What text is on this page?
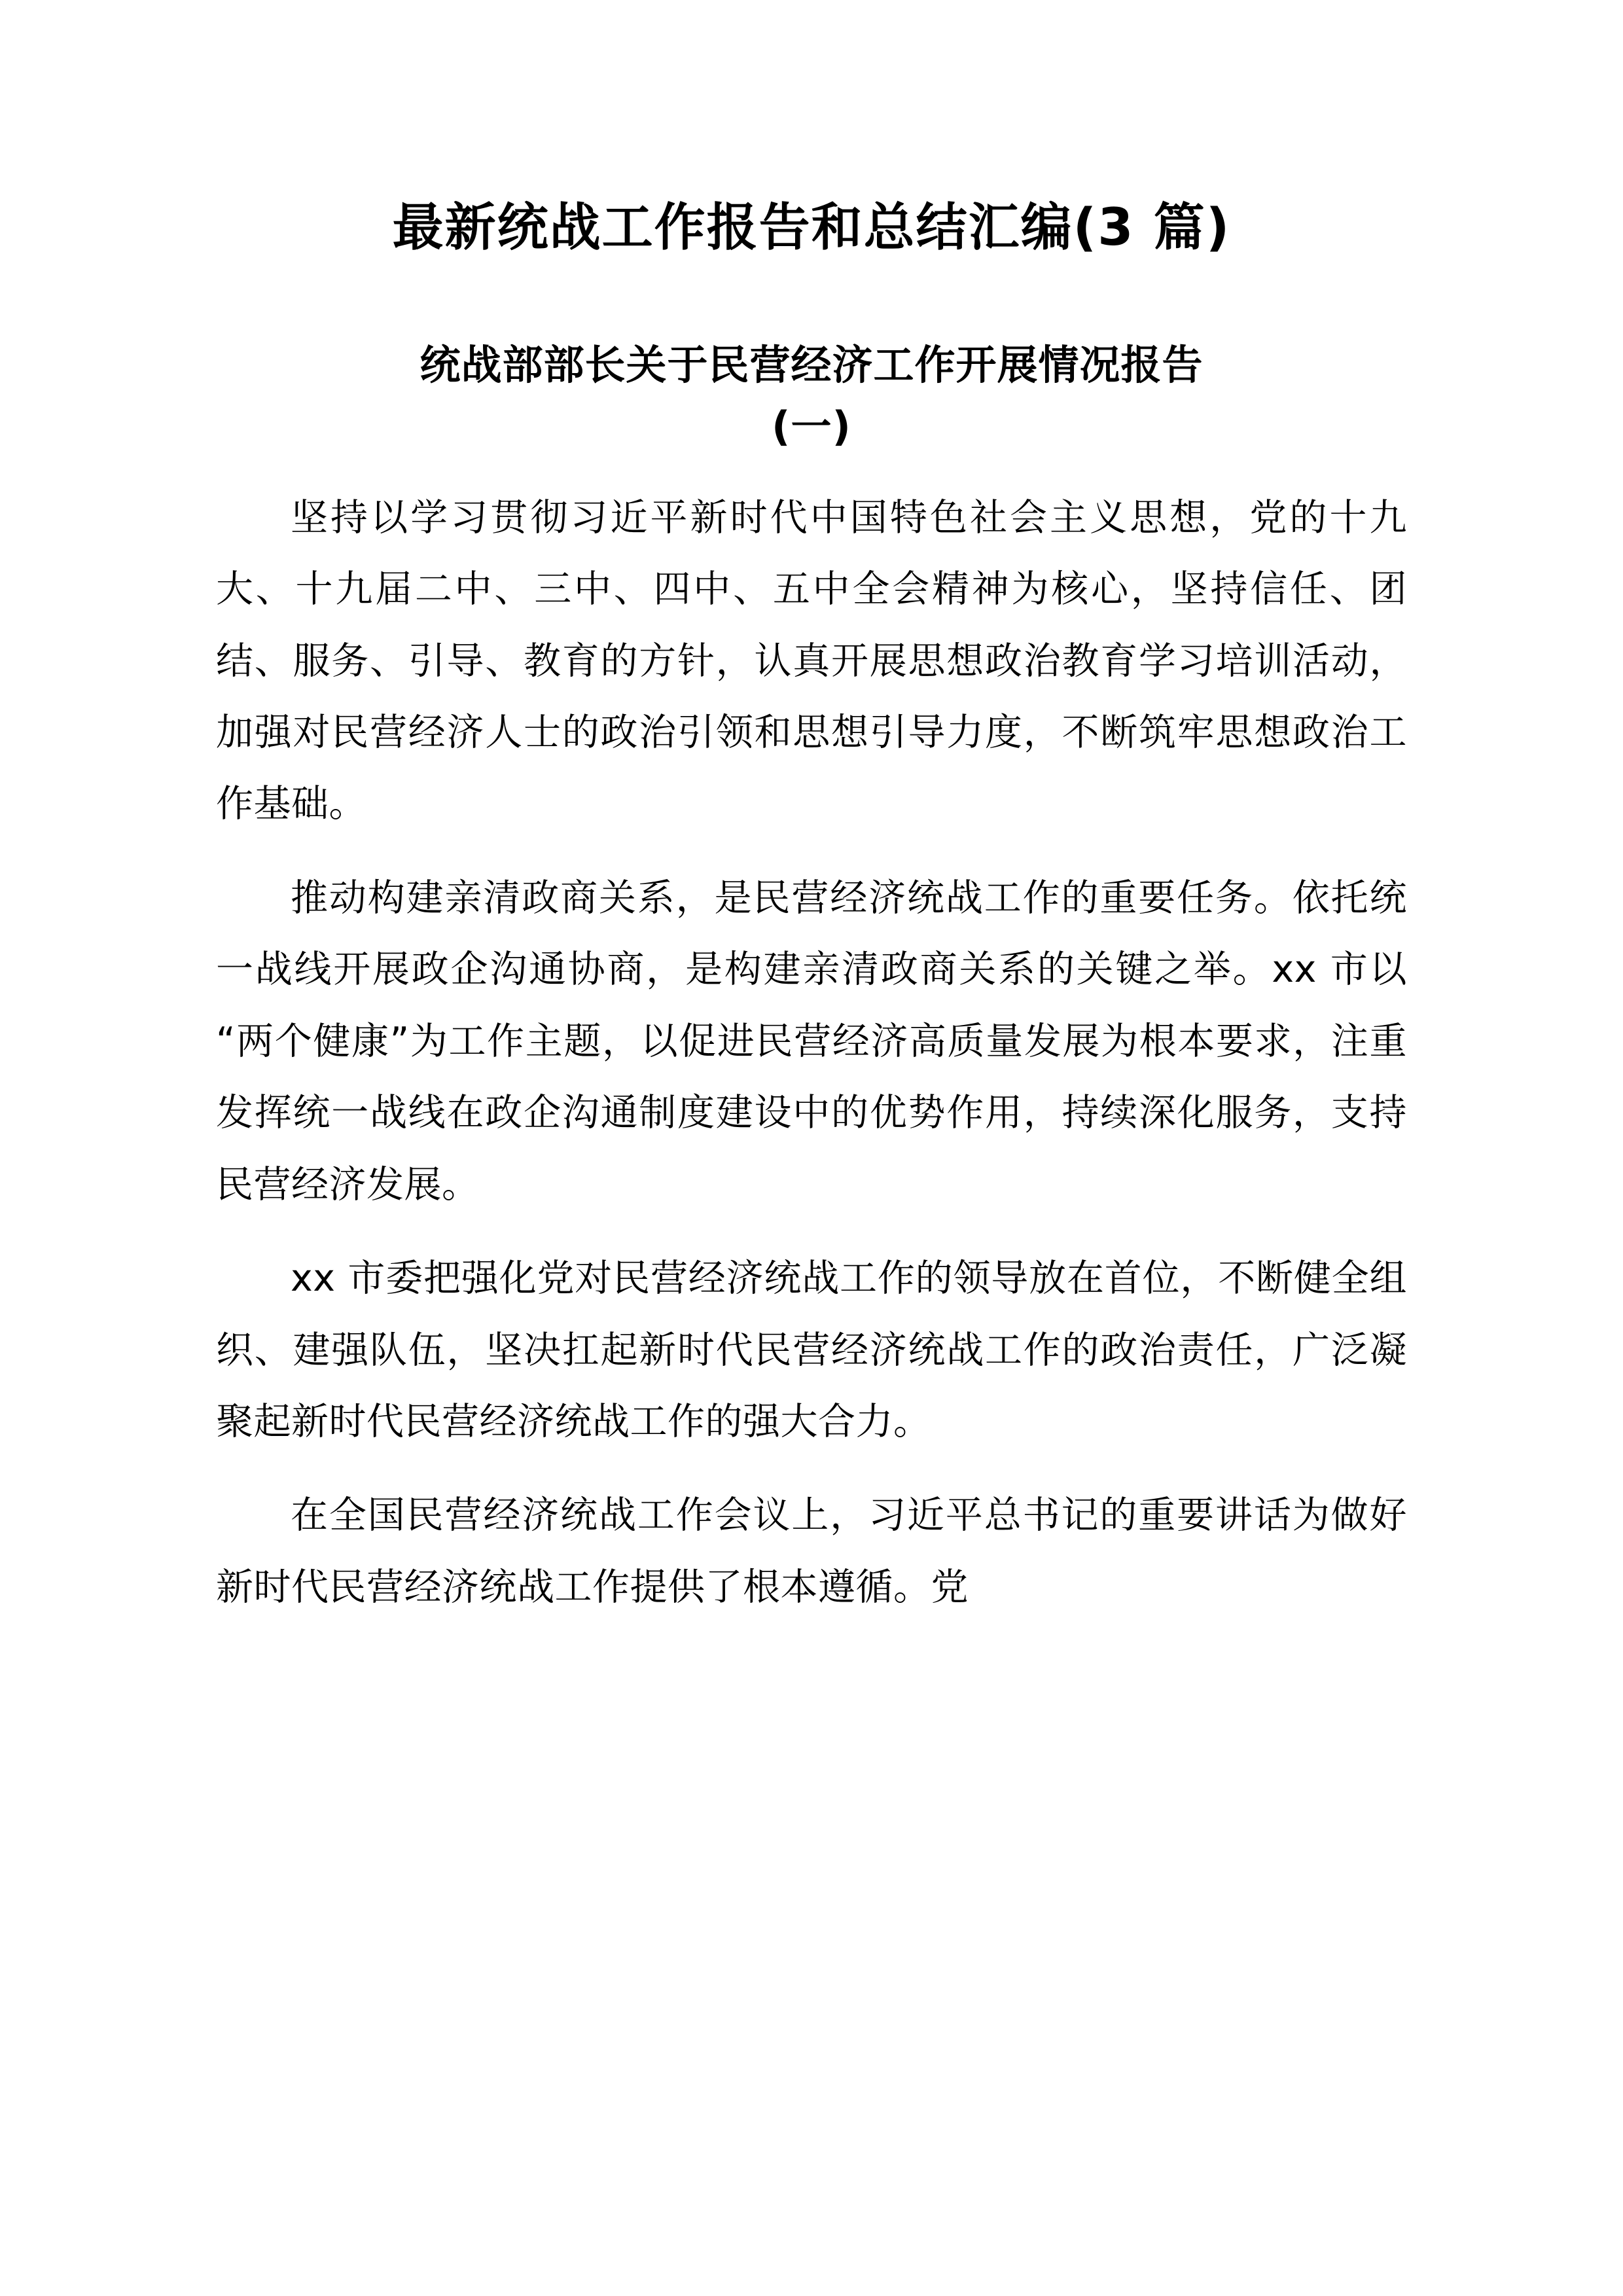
最新统战工作报告和总结汇编(3 篇)
统战部部长关于民营经济工作开展情况报告
(一)

坚持以学习贯彻习近平新时代中国特色社会主义思想，党的十九大、十九届二中、三中、四中、五中全会精神为核心，坚持信任、团结、服务、引导、教育的方针，认真开展思想政治教育学习培训活动，加强对民营经济人士的政治引领和思想引导力度，不断筑牢思想政治工作基础。

推动构建亲清政商关系，是民营经济统战工作的重要任务。依托统一战线开展政企沟通协商，是构建亲清政商关系的关键之举。xx 市以“两个健康”为工作主题，以促进民营经济高质量发展为根本要求，注重发挥统一战线在政企沟通制度建设中的优势作用，持续深化服务，支持民营经济发展。

xx 市委把强化党对民营经济统战工作的领导放在首位，不断健全组织、建强队伍，坚决扛起新时代民营经济统战工作的政治责任，广泛凝聚起新时代民营经济统战工作的强大合力。

在全国民营经济统战工作会议上，习近平总书记的重要讲话为做好新时代民营经济统战工作提供了根本遵循。党
